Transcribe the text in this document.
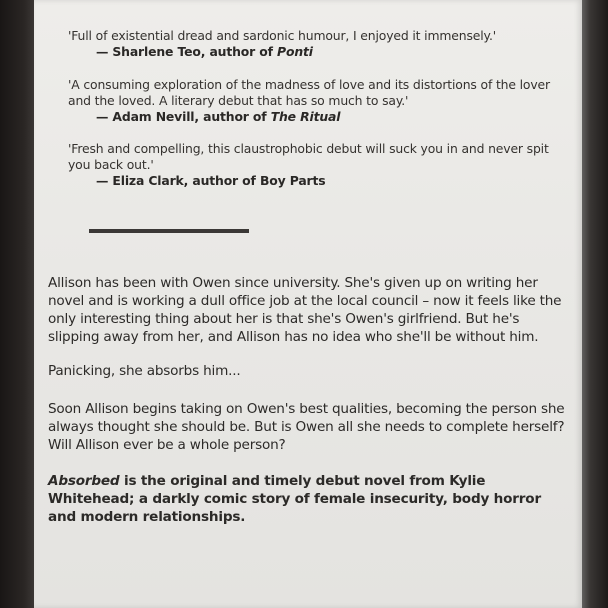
'Full of existential dread and sardonic humour, I enjoyed it immensely.'
— Sharlene Teo, author of Ponti
'A consuming exploration of the madness of love and its distortions of the lover and the loved. A literary debut that has so much to say.'
— Adam Nevill, author of The Ritual
'Fresh and compelling, this claustrophobic debut will suck you in and never spit you back out.'
— Eliza Clark, author of Boy Parts
Allison has been with Owen since university. She's given up on writing her novel and is working a dull office job at the local council – now it feels like the only interesting thing about her is that she's Owen's girlfriend. But he's slipping away from her, and Allison has no idea who she'll be without him.
Panicking, she absorbs him...
Soon Allison begins taking on Owen's best qualities, becoming the person she always thought she should be. But is Owen all she needs to complete herself? Will Allison ever be a whole person?
Absorbed is the original and timely debut novel from Kylie Whitehead; a darkly comic story of female insecurity, body horror and modern relationships.
